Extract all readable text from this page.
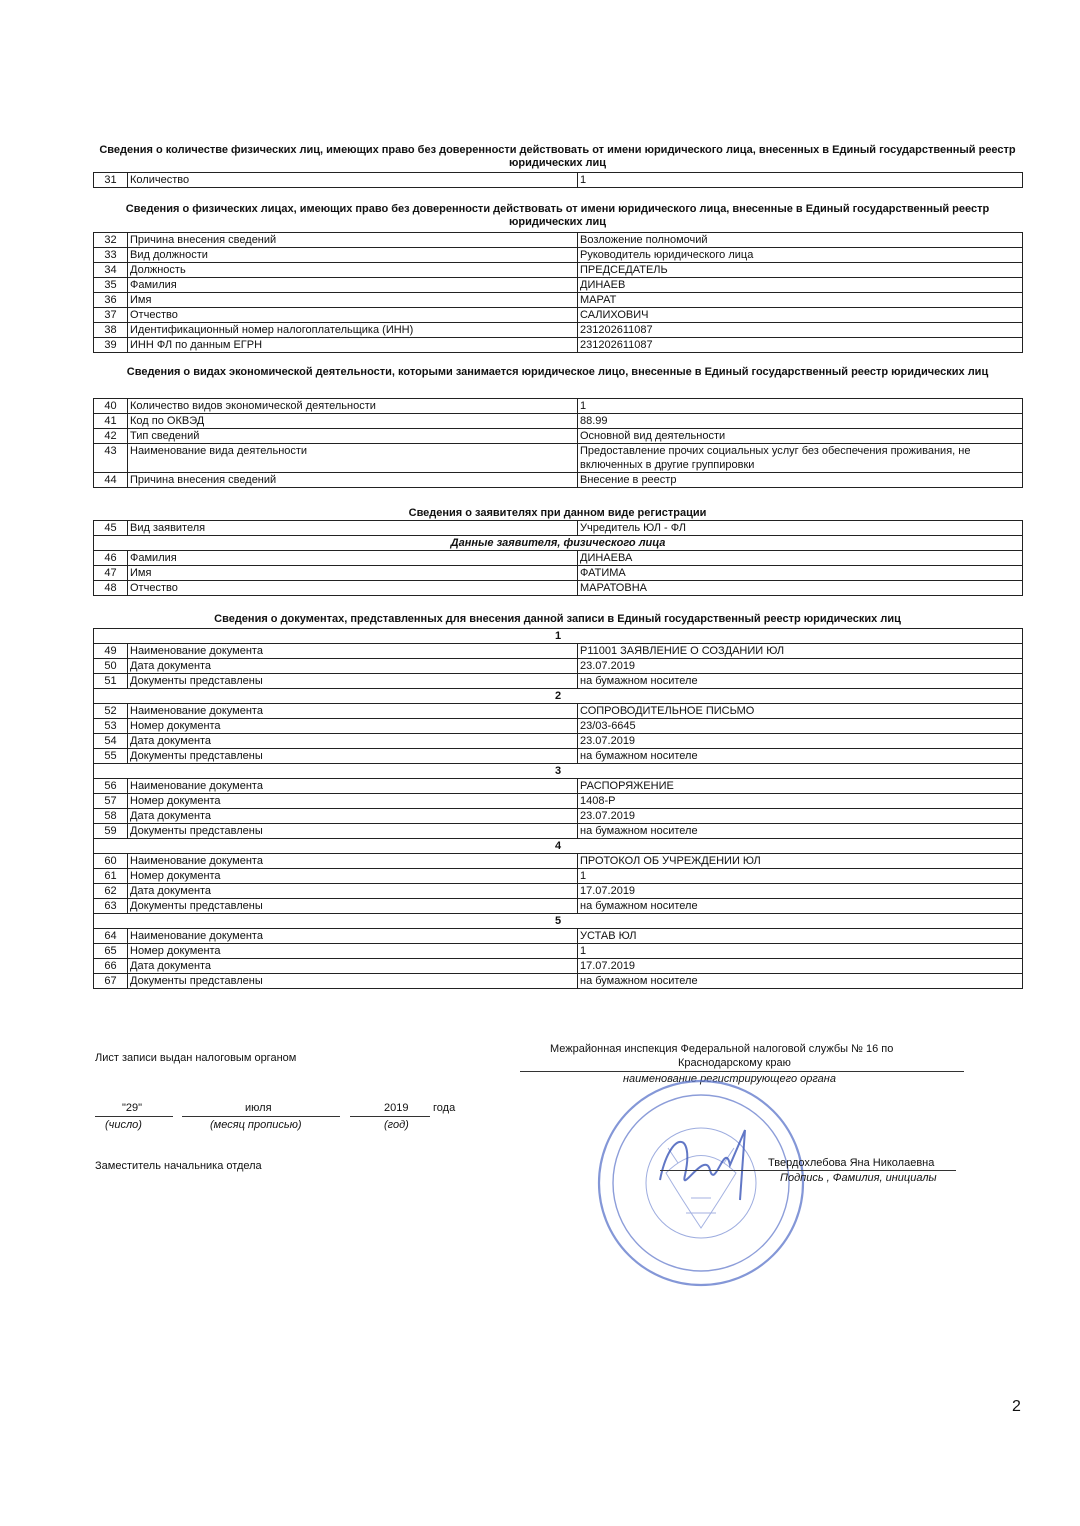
Сведения о количестве физических лиц, имеющих право без доверенности действовать от имени юридического лица, внесенных в Единый государственный реестр юридических лиц
31	Количество	1
Сведения о физических лицах, имеющих право без доверенности действовать от имени юридического лица, внесенные в Единый государственный реестр юридических лиц
32	Причина внесения сведений	Возложение полномочий
33	Вид должности	Руководитель юридического лица
34	Должность	ПРЕДСЕДАТЕЛЬ
35	Фамилия	ДИНАЕВ
36	Имя	МАРАТ
37	Отчество	САЛИХОВИЧ
38	Идентификационный номер налогоплательщика (ИНН)	231202611087
39	ИНН ФЛ по данным ЕГРН	231202611087
Сведения о видах экономической деятельности, которыми занимается юридическое лицо, внесенные в Единый государственный реестр юридических лиц
40	Количество видов экономической деятельности	1
41	Код по ОКВЭД	88.99
42	Тип сведений	Основной вид деятельности
43	Наименование вида деятельности	Предоставление прочих социальных услуг без обеспечения проживания, не включенных в другие группировки
44	Причина внесения сведений	Внесение в реестр
Сведения о заявителях при данном виде регистрации
45	Вид заявителя	Учредитель ЮЛ - ФЛ
Данные заявителя, физического лица		
46	Фамилия	ДИНАЕВА
47	Имя	ФАТИМА
48	Отчество	МАРАТОВНА
Сведения о документах, представленных для внесения данной записи в Единый государственный реестр юридических лиц
1		
49	Наименование документа	Р11001 ЗАЯВЛЕНИЕ О СОЗДАНИИ ЮЛ
50	Дата документа	23.07.2019
51	Документы представлены	на бумажном носителе
2		
52	Наименование документа	СОПРОВОДИТЕЛЬНОЕ ПИСЬМО
53	Номер документа	23/03-6645
54	Дата документа	23.07.2019
55	Документы представлены	на бумажном носителе
3		
56	Наименование документа	РАСПОРЯЖЕНИЕ
57	Номер документа	1408-Р
58	Дата документа	23.07.2019
59	Документы представлены	на бумажном носителе
4		
60	Наименование документа	ПРОТОКОЛ ОБ УЧРЕЖДЕНИИ ЮЛ
61	Номер документа	1
62	Дата документа	17.07.2019
63	Документы представлены	на бумажном носителе
5		
64	Наименование документа	УСТАВ ЮЛ
65	Номер документа	1
66	Дата документа	17.07.2019
67	Документы представлены	на бумажном носителе
Лист записи выдан налоговым органом
Межрайонная инспекция Федеральной налоговой службы № 16 по
Краснодарскому краю
наименование регистрирующего органа
"29"	июля	2019 года
(число)	(месяц прописью)	(год)
Заместитель начальника отдела	Твердохлебова Яна Николаевна
Подпись , Фамилия, инициалы
2
